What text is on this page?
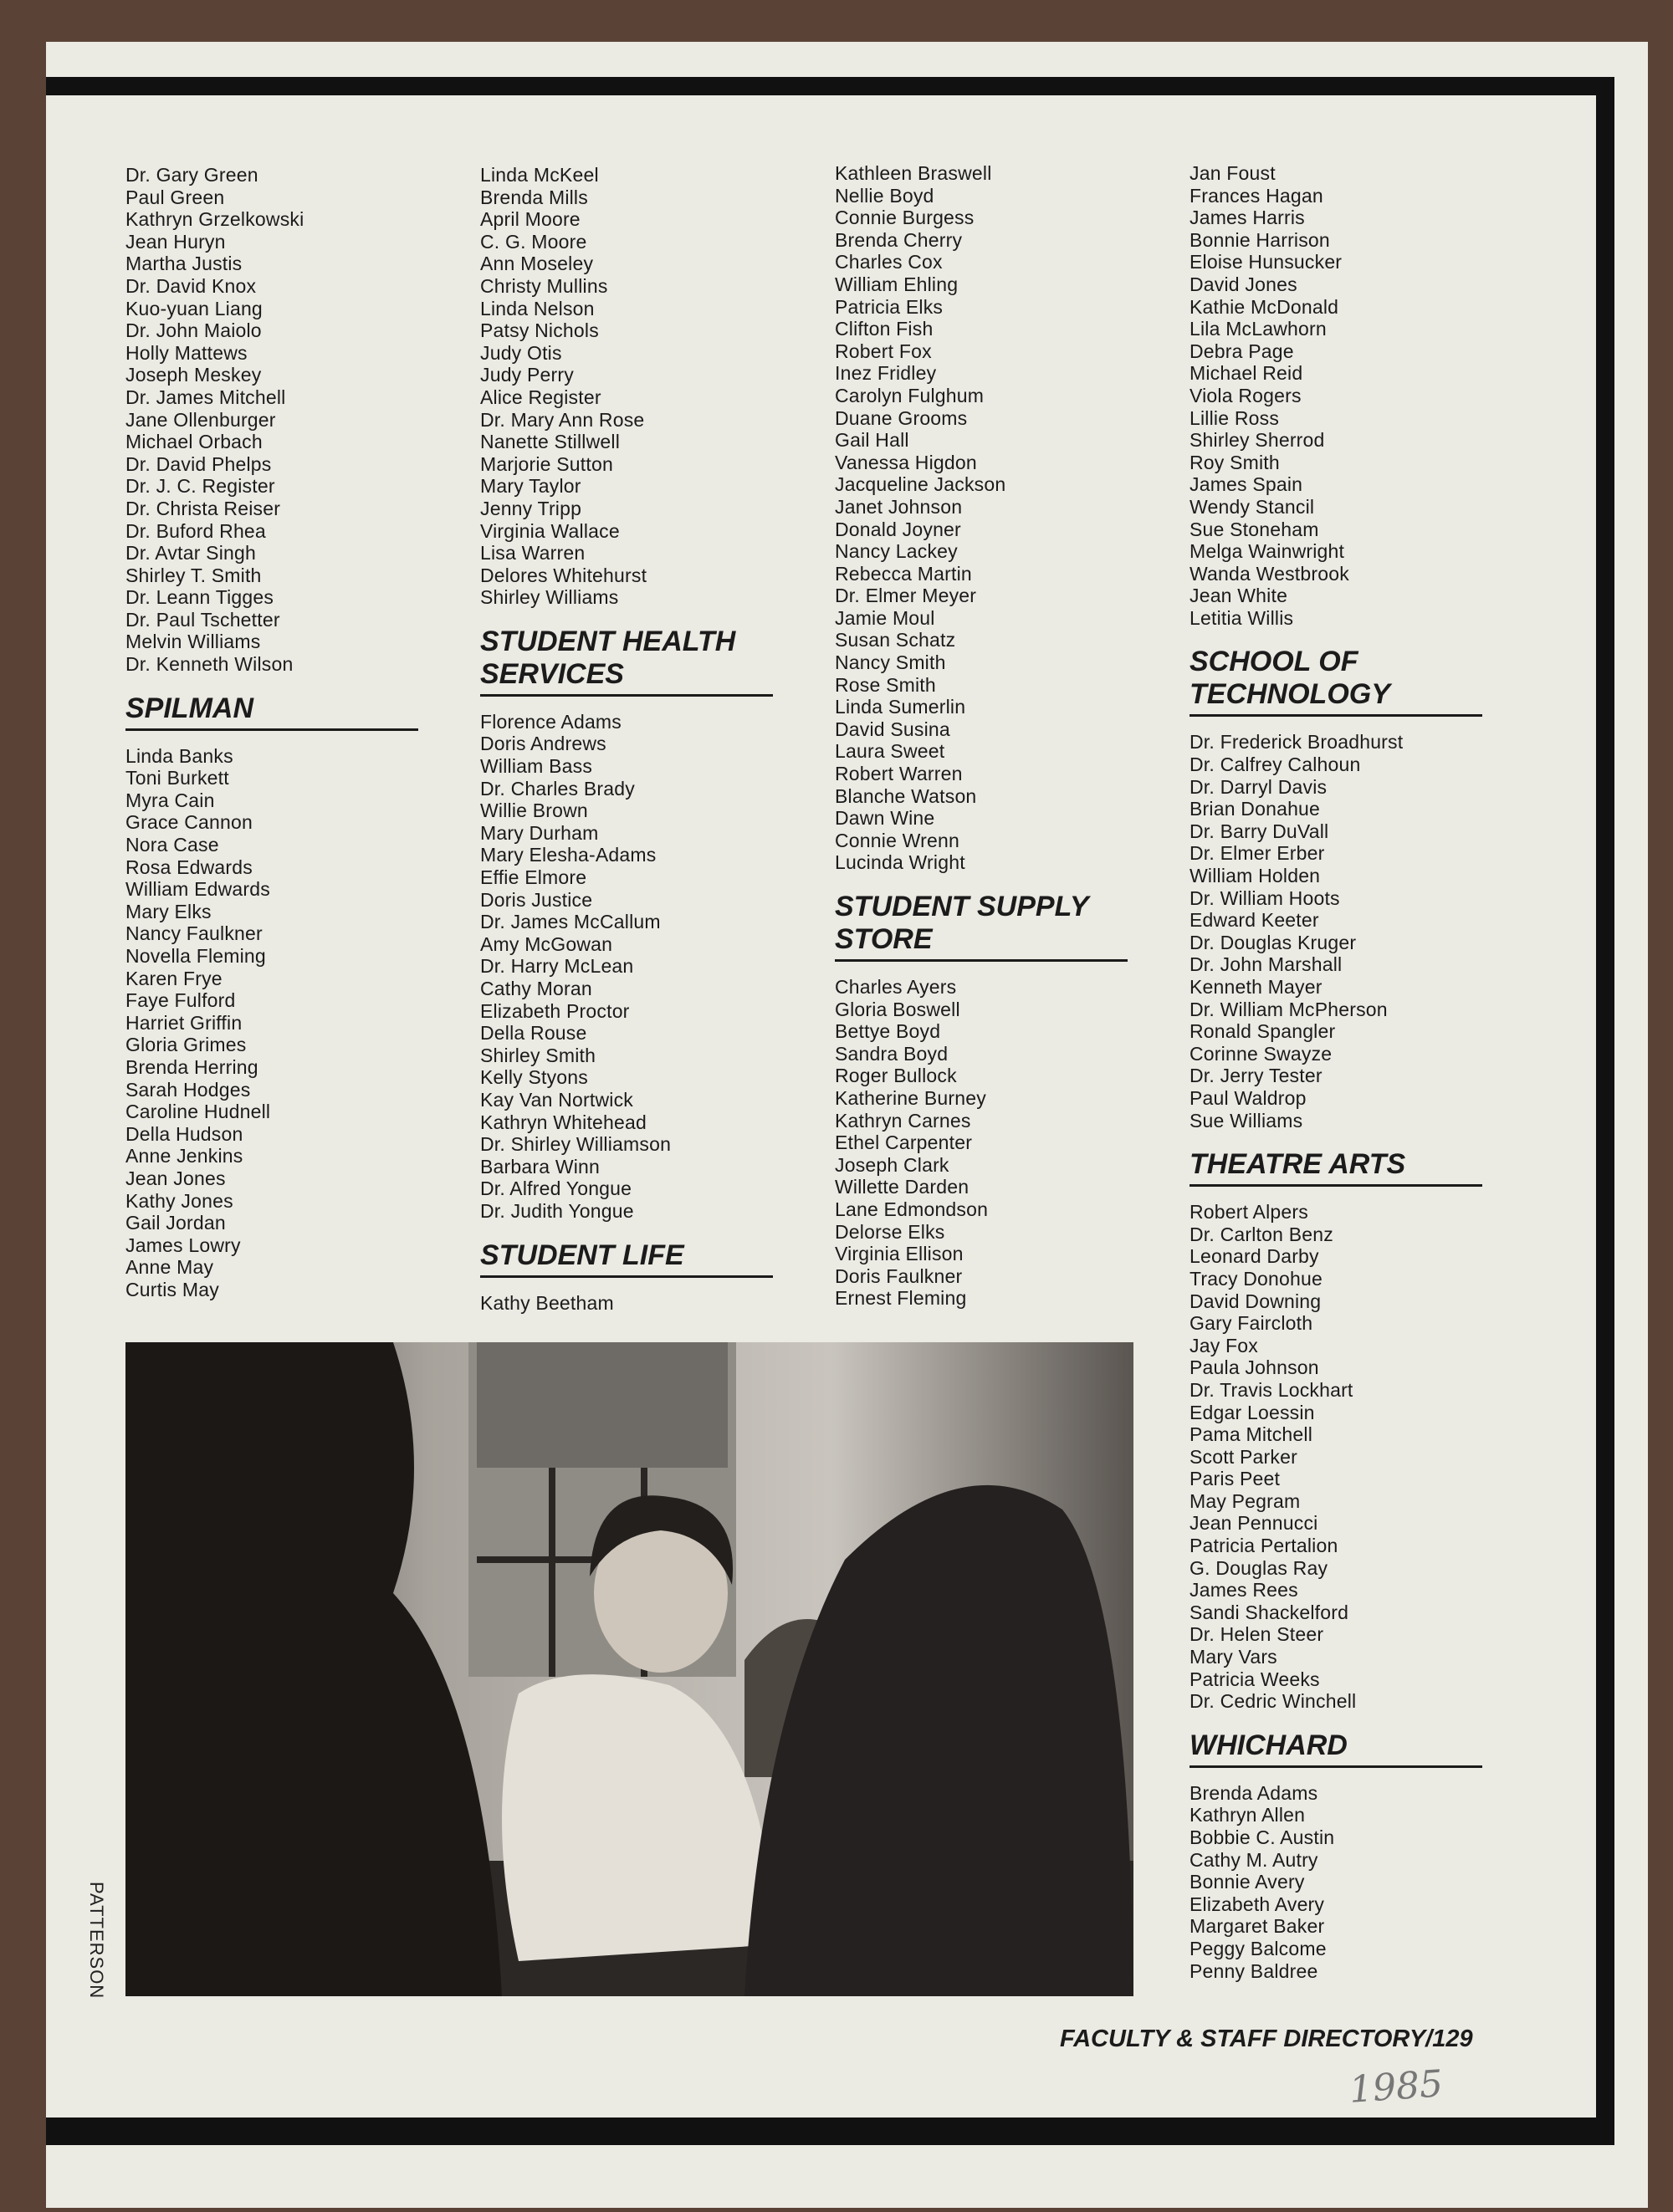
Dr. Gary Green
Paul Green
Kathryn Grzelkowski
Jean Huryn
Martha Justis
Dr. David Knox
Kuo-yuan Liang
Dr. John Maiolo
Holly Mattews
Joseph Meskey
Dr. James Mitchell
Jane Ollenburger
Michael Orbach
Dr. David Phelps
Dr. J. C. Register
Dr. Christa Reiser
Dr. Buford Rhea
Dr. Avtar Singh
Shirley T. Smith
Dr. Leann Tigges
Dr. Paul Tschetter
Melvin Williams
Dr. Kenneth Wilson
SPILMAN
Linda Banks
Toni Burkett
Myra Cain
Grace Cannon
Nora Case
Rosa Edwards
William Edwards
Mary Elks
Nancy Faulkner
Novella Fleming
Karen Frye
Faye Fulford
Harriet Griffin
Gloria Grimes
Brenda Herring
Sarah Hodges
Caroline Hudnell
Della Hudson
Anne Jenkins
Jean Jones
Kathy Jones
Gail Jordan
James Lowry
Anne May
Curtis May
Linda McKeel
Brenda Mills
April Moore
C. G. Moore
Ann Moseley
Christy Mullins
Linda Nelson
Patsy Nichols
Judy Otis
Judy Perry
Alice Register
Dr. Mary Ann Rose
Nanette Stillwell
Marjorie Sutton
Mary Taylor
Jenny Tripp
Virginia Wallace
Lisa Warren
Delores Whitehurst
Shirley Williams
STUDENT HEALTH SERVICES
Florence Adams
Doris Andrews
William Bass
Dr. Charles Brady
Willie Brown
Mary Durham
Mary Elesha-Adams
Effie Elmore
Doris Justice
Dr. James McCallum
Amy McGowan
Dr. Harry McLean
Cathy Moran
Elizabeth Proctor
Della Rouse
Shirley Smith
Kelly Styons
Kay Van Nortwick
Kathryn Whitehead
Dr. Shirley Williamson
Barbara Winn
Dr. Alfred Yongue
Dr. Judith Yongue
STUDENT LIFE
Kathy Beetham
Kathleen Braswell
Nellie Boyd
Connie Burgess
Brenda Cherry
Charles Cox
William Ehling
Patricia Elks
Clifton Fish
Robert Fox
Inez Fridley
Carolyn Fulghum
Duane Grooms
Gail Hall
Vanessa Higdon
Jacqueline Jackson
Janet Johnson
Donald Joyner
Nancy Lackey
Rebecca Martin
Dr. Elmer Meyer
Jamie Moul
Susan Schatz
Nancy Smith
Rose Smith
Linda Sumerlin
David Susina
Laura Sweet
Robert Warren
Blanche Watson
Dawn Wine
Connie Wrenn
Lucinda Wright
STUDENT SUPPLY STORE
Charles Ayers
Gloria Boswell
Bettye Boyd
Sandra Boyd
Roger Bullock
Katherine Burney
Kathryn Carnes
Ethel Carpenter
Joseph Clark
Willette Darden
Lane Edmondson
Delorse Elks
Virginia Ellison
Doris Faulkner
Ernest Fleming
Jan Foust
Frances Hagan
James Harris
Bonnie Harrison
Eloise Hunsucker
David Jones
Kathie McDonald
Lila McLawhorn
Debra Page
Michael Reid
Viola Rogers
Lillie Ross
Shirley Sherrod
Roy Smith
James Spain
Wendy Stancil
Sue Stoneham
Melga Wainwright
Wanda Westbrook
Jean White
Letitia Willis
SCHOOL OF TECHNOLOGY
Dr. Frederick Broadhurst
Dr. Calfrey Calhoun
Dr. Darryl Davis
Brian Donahue
Dr. Barry DuVall
Dr. Elmer Erber
William Holden
Dr. William Hoots
Edward Keeter
Dr. Douglas Kruger
Dr. John Marshall
Kenneth Mayer
Dr. William McPherson
Ronald Spangler
Corinne Swayze
Dr. Jerry Tester
Paul Waldrop
Sue Williams
THEATRE ARTS
Robert Alpers
Dr. Carlton Benz
Leonard Darby
Tracy Donohue
David Downing
Gary Faircloth
Jay Fox
Paula Johnson
Dr. Travis Lockhart
Edgar Loessin
Pama Mitchell
Scott Parker
Paris Peet
May Pegram
Jean Pennucci
Patricia Pertalion
G. Douglas Ray
James Rees
Sandi Shackelford
Dr. Helen Steer
Mary Vars
Patricia Weeks
Dr. Cedric Winchell
WHICHARD
Brenda Adams
Kathryn Allen
Bobbie C. Austin
Cathy M. Autry
Bonnie Avery
Elizabeth Avery
Margaret Baker
Peggy Balcome
Penny Baldree
PATTERSON
FACULTY & STAFF DIRECTORY/129
1985
